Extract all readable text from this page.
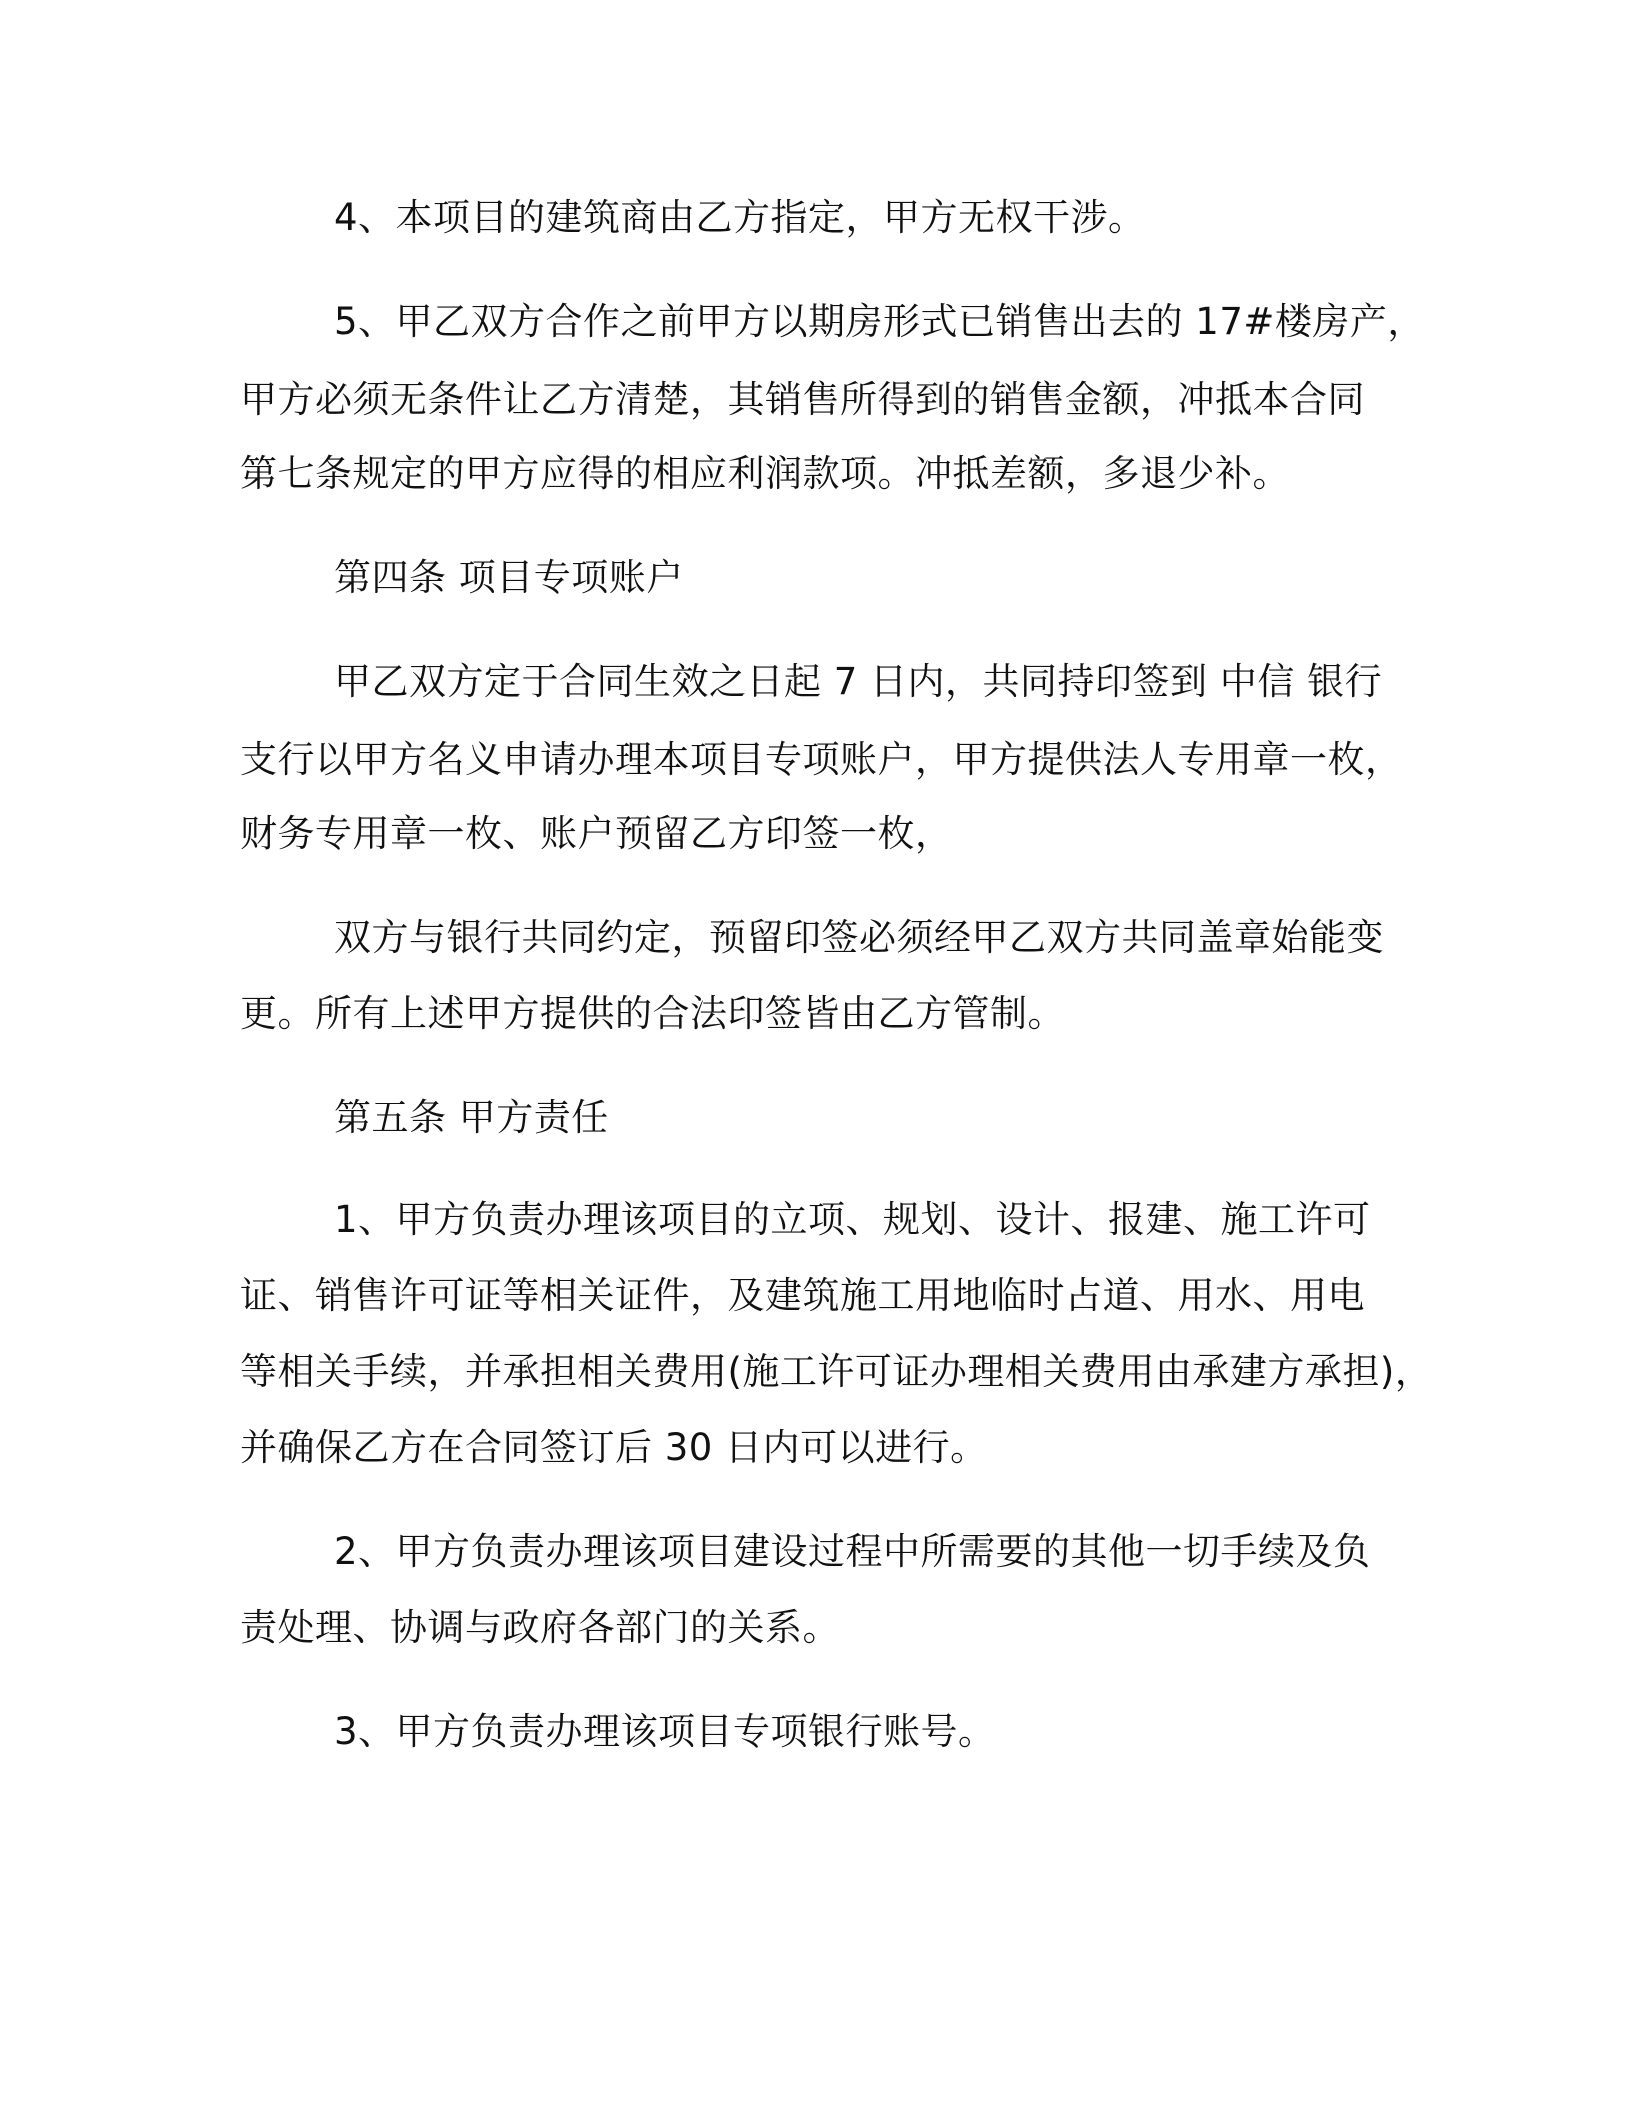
4、本项目的建筑商由乙方指定，甲方无权干涉。
5、甲乙双方合作之前甲方以期房形式已销售出去的 17#楼房产，
甲方必须无条件让乙方清楚，其销售所得到的销售金额，冲抵本合同
第七条规定的甲方应得的相应利润款项。冲抵差额，多退少补。
第四条 项目专项账户
甲乙双方定于合同生效之日起 7 日内，共同持印签到 中信 银行
支行以甲方名义申请办理本项目专项账户，甲方提供法人专用章一枚，
财务专用章一枚、账户预留乙方印签一枚，
双方与银行共同约定，预留印签必须经甲乙双方共同盖章始能变
更。所有上述甲方提供的合法印签皆由乙方管制。
第五条 甲方责任
1、甲方负责办理该项目的立项、规划、设计、报建、施工许可
证、销售许可证等相关证件，及建筑施工用地临时占道、用水、用电
等相关手续，并承担相关费用(施工许可证办理相关费用由承建方承担)，
并确保乙方在合同签订后 30 日内可以进行。
2、甲方负责办理该项目建设过程中所需要的其他一切手续及负
责处理、协调与政府各部门的关系。
3、甲方负责办理该项目专项银行账号。
